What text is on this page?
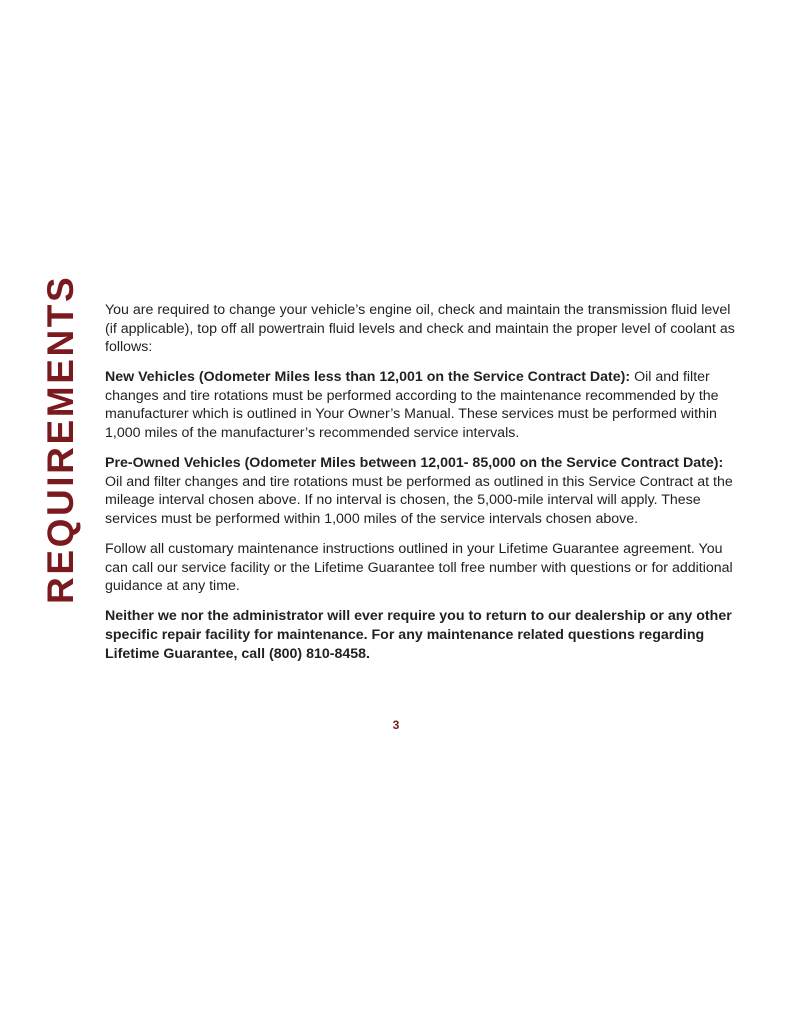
REQUIREMENTS You are required to change your vehicle’s engine oil, check and maintain the transmission fluid level (if applicable), top off all powertrain fluid levels and check and maintain the proper level of coolant as follows:

New Vehicles (Odometer Miles less than 12,001 on the Service Contract Date): Oil and filter changes and tire rotations must be performed according to the maintenance recommended by the manufacturer which is outlined in Your Owner’s Manual. These services must be performed within 1,000 miles of the manufacturer’s recommended service intervals.

Pre-Owned Vehicles (Odometer Miles between 12,001- 85,000 on the Service Contract Date): Oil and filter changes and tire rotations must be performed as outlined in this Service Contract at the mileage interval chosen above. If no interval is chosen, the 5,000-mile interval will apply. These services must be performed within 1,000 miles of the service intervals chosen above.

Follow all customary maintenance instructions outlined in your Lifetime Guarantee agreement. You can call our service facility or the Lifetime Guarantee toll free number with questions or for additional guidance at any time.

Neither we nor the administrator will ever require you to return to our dealership or any other specific repair facility for maintenance. For any maintenance related questions regarding Lifetime Guarantee, call (800) 810-8458.

3
